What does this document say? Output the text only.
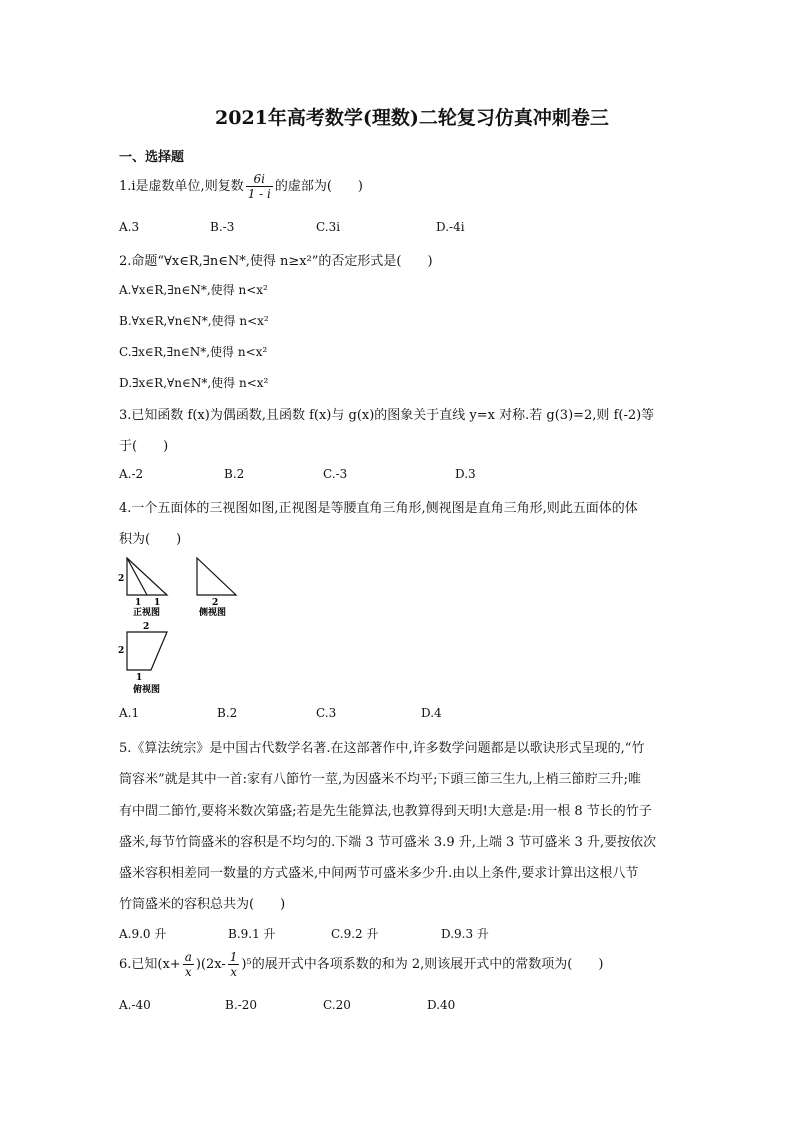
2021年高考数学(理数)二轮复习仿真冲刺卷三
一、选择题
1.i是虚数单位,则复数 $\frac{6i}{1 - i}$ 的虚部为(　　)
A.3	B.-3	C.3i	D.-4i
2.命题“∀x∈R,∃n∈N*,使得 n≥x²”的否定形式是(　　)
A.∀x∈R,∃n∈N*,使得 n<x²
B.∀x∈R,∀n∈N*,使得 n<x²
C.∃x∈R,∃n∈N*,使得 n<x²
D.∃x∈R,∀n∈N*,使得 n<x²
3.已知函数 f(x)为偶函数,且函数 f(x)与 g(x)的图象关于直线 y=x 对称.若 g(3)=2,则 f(-2)等
于(　　)
A.-2	B.2	C.-3	D.3
4.一个五面体的三视图如图,正视图是等腰直角三角形,侧视图是直角三角形,则此五面体的体
积为(　　)
2
1 1
正视图
2
侧视图
2
2
1
俯视图
A.1	B.2	C.3	D.4
5.《算法统宗》是中国古代数学名著.在这部著作中,许多数学问题都是以歌诀形式呈现的,“竹
筒容米”就是其中一首:家有八節竹一莖,为因盛米不均平;下頭三節三生九,上梢三節貯三升;唯
有中間二節竹,要将米数次第盛;若是先生能算法,也教算得到天明!大意是:用一根 8 节长的竹子
盛米,每节竹筒盛米的容积是不均匀的.下端 3 节可盛米 3.9 升,上端 3 节可盛米 3 升,要按依次
盛米容积相差同一数量的方式盛米,中间两节可盛米多少升.由以上条件,要求计算出这根八节
竹筒盛米的容积总共为(　　)
A.9.0 升	B.9.1 升	C.9.2 升	D.9.3 升
6.已知$(x+ \frac{a}{x} )(2x- \frac{1}{x} )^5$的展开式中各项系数的和为 2,则该展开式中的常数项为(　　)
A.-40	B.-20	C.20	D.40
